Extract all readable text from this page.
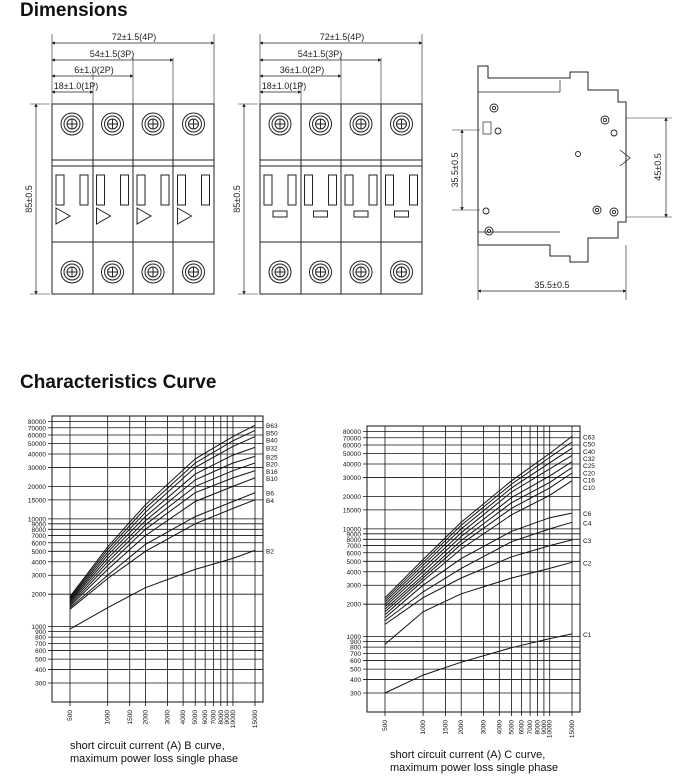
Dimensions
Characteristics Curve
72±1.5(4P)
54±1.5(3P)
6±1.0(2P)
18±1.0(1P)
85±0.5
72±1.5(4P)
54±1.5(3P)
36±1.0(2P)
18±1.0(1P)
85±0.5
35.5±0.5	45±0.5
35.5±0.5
300
400
500
600
700
800
900
1000
2000
3000
4000
5000
6000
7000
8000
9000
10000
15000
20000
30000
40000
50000
60000
70000
80000
500	1000 1500 2000 3000 4000 5000 6000 7000 8000 9000
10000 15000
B63
B50
B40
B32
B25
B20
B16
B10
B6
B4
B2
300
400
500
600
700
800
900
1000
2000
3000
4000
5000
6000
7000
8000
9000
10000
15000
20000
30000
40000
50000
60000
70000
80000
500	1000 1500 2000 3000 4000 5000 6000 7000 8000 9000
10000 15000
C63
C50
C40
C32
C25
C20
C16
C10
C6
C4
C3
C2
C1
short circuit current (A) B curve,
maximum power loss single phase	short circuit current (A) C curve,
maximum power loss single phase
